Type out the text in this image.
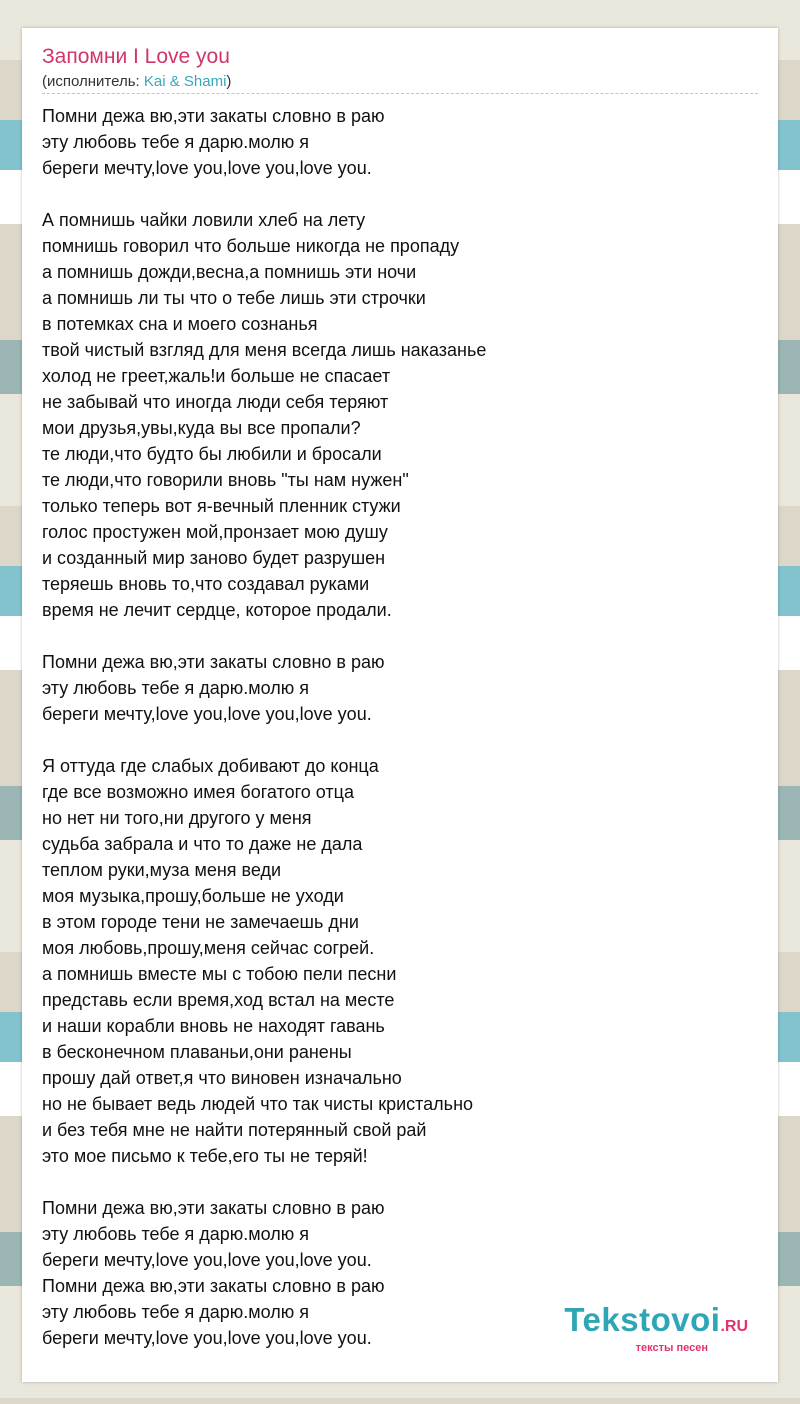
Запомни I Love you
(исполнитель: Kai & Shami)
Помни дежа вю,эти закаты словно в раю
эту любовь тебе я дарю.молю я
береги мечту,love you,love you,love you.
А помнишь чайки ловили хлеб на лету
помнишь говорил что больше никогда не пропаду
а помнишь дожди,весна,а помнишь эти ночи
а помнишь ли ты что о тебе лишь эти строчки
в потемках сна и моего сознанья
твой чистый взгляд для меня всегда лишь наказанье
холод не греет,жаль!и больше не спасает
не забывай что иногда люди себя теряют
мои друзья,увы,куда вы все пропали?
те люди,что будто бы любили и бросали
те люди,что говорили вновь "ты нам нужен"
только теперь вот я-вечный пленник стужи
голос простужен мой,пронзает мою душу
и созданный мир заново будет разрушен
теряешь вновь то,что создавал руками
время не лечит сердце, которое продали.
Помни дежа вю,эти закаты словно в раю
эту любовь тебе я дарю.молю я
береги мечту,love you,love you,love you.
Я оттуда где слабых добивают до конца
где все возможно имея богатого отца
но нет ни того,ни другого у меня
судьба забрала и что то даже не дала
теплом руки,муза меня веди
моя музыка,прошу,больше не уходи
в этом городе тени не замечаешь дни
моя любовь,прошу,меня сейчас согрей.
а помнишь вместе мы с тобою пели песни
представь если время,ход встал на месте
и наши корабли вновь не находят гавань
в бесконечном плаваньи,они ранены
прошу дай ответ,я что виновен изначально
но не бывает ведь людей что так чисты кристально
и без тебя мне не найти потерянный свой рай
это мое письмо к тебе,его ты не теряй!
Помни дежа вю,эти закаты словно в раю
эту любовь тебе я дарю.молю я
береги мечту,love you,love you,love you.
Помни дежа вю,эти закаты словно в раю
эту любовь тебе я дарю.молю я
береги мечту,love you,love you,love you.	Tekstovoi.RU
тексты песен
